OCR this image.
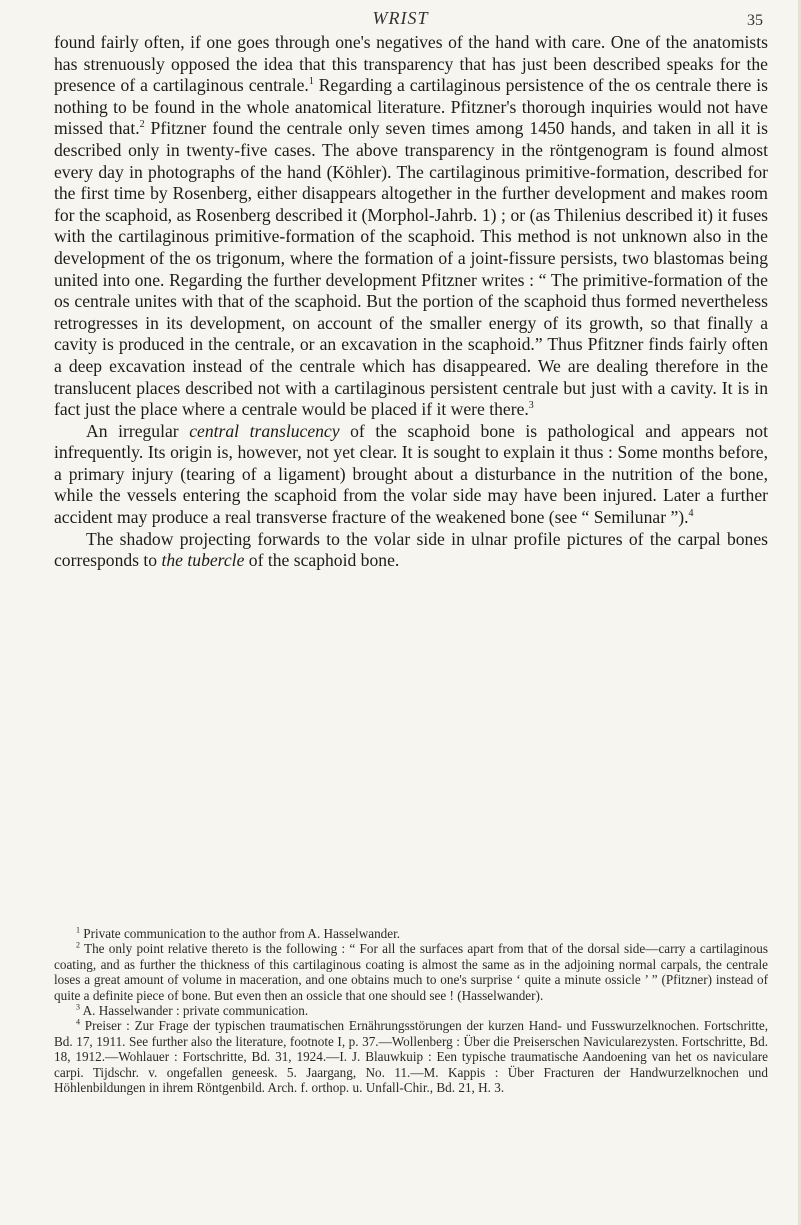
WRIST	35

found fairly often, if one goes through one's negatives of the hand with care. One of the anatomists has strenuously opposed the idea that this transparency that has just been described speaks for the presence of a cartilaginous centrale.$^1$ Regarding a cartilaginous persistence of the os centrale there is nothing to be found in the whole anatomical literature. Pfitzner's thorough inquiries would not have missed that.$^2$ Pfitzner found the centrale only seven times among 1450 hands, and taken in all it is described only in twenty-five cases. The above transparency in the röntgenogram is found almost every day in photographs of the hand (Köhler). The cartilaginous primitive-formation, described for the first time by Rosenberg, either disappears altogether in the further development and makes room for the scaphoid, as Rosenberg described it (Morphol-Jahrb. 1) ; or (as Thilenius described it) it fuses with the cartilaginous primitive-formation of the scaphoid. This method is not unknown also in the development of the os trigonum, where the formation of a joint-fissure persists, two blastomas being united into one. Regarding the further development Pfitzner writes : “ The primitive-formation of the os centrale unites with that of the scaphoid. But the portion of the scaphoid thus formed nevertheless retrogresses in its development, on account of the smaller energy of its growth, so that finally a cavity is produced in the centrale, or an excavation in the scaphoid.” Thus Pfitzner finds fairly often a deep excavation instead of the centrale which has disappeared. We are dealing therefore in the translucent places described not with a cartilaginous persistent centrale but just with a cavity. It is in fact just the place where a centrale would be placed if it were there.$^3$

An irregular central translucency of the scaphoid bone is pathological and appears not infrequently. Its origin is, however, not yet clear. It is sought to explain it thus : Some months before, a primary injury (tearing of a ligament) brought about a disturbance in the nutrition of the bone, while the vessels entering the scaphoid from the volar side may have been injured. Later a further accident may produce a real transverse fracture of the weakened bone (see “ Semilunar ”).$^4$

The shadow projecting forwards to the volar side in ulnar profile pictures of the carpal bones corresponds to the tubercle of the scaphoid bone.

$^1$ Private communication to the author from A. Hasselwander.

$^2$ The only point relative thereto is the following : “ For all the surfaces apart from that of the dorsal side—carry a cartilaginous coating, and as further the thickness of this cartilaginous coating is almost the same as in the adjoining normal carpals, the centrale loses a great amount of volume in maceration, and one obtains much to one's surprise ‘ quite a minute ossicle ’ ” (Pfitzner) instead of quite a definite piece of bone. But even then an ossicle that one should see ! (Hasselwander).

$^3$ A. Hasselwander : private communication.

$^4$ Preiser : Zur Frage der typischen traumatischen Ernährungsstörungen der kurzen Hand- und Fusswurzelknochen. Fortschritte, Bd. 17, 1911. See further also the literature, footnote I, p. 37.—Wollenberg : Über die Preiserschen Navicularezysten. Fortschritte, Bd. 18, 1912.—Wohlauer : Fortschritte, Bd. 31, 1924.—I. J. Blauwkuip : Een typische traumatische Aandoening van het os naviculare carpi. Tijdschr. v. ongefallen geneesk. 5. Jaargang, No. 11.—M. Kappis : Über Fracturen der Handwurzelknochen und Höhlenbildungen in ihrem Röntgenbild. Arch. f. orthop. u. Unfall-Chir., Bd. 21, H. 3.
